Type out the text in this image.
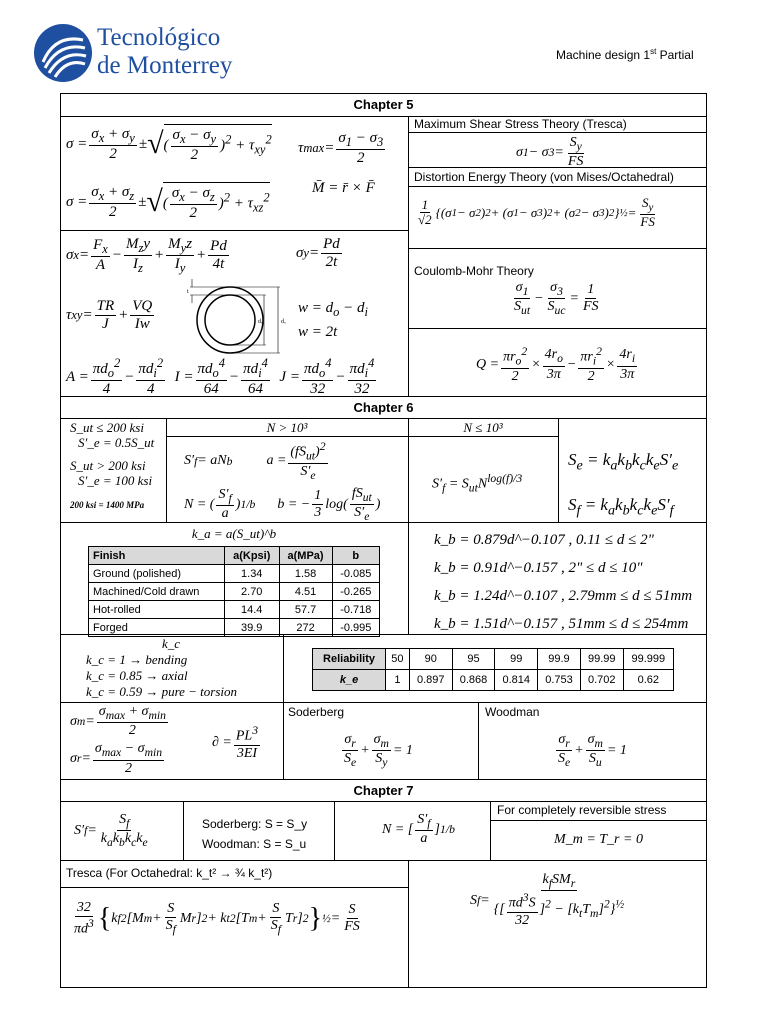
Tecnológico
de Monterrey	Machine design 1st Partial
Chapter 5
$\sigma = \frac{\sigma_x + \sigma_y}{2}$ ± √ ( $\frac{\sigma_x - \sigma_y}{2} )^2 + \tau_{xy}^2$
τ $\max = \frac{\sigma_1 - \sigma_3}{2}$
M̄ = r̄ × F̄
$\sigma = \frac{\sigma_x + \sigma_z}{2}$ ± √ ( $\frac{\sigma_x - \sigma_z}{2} )^2 + \tau_{xz}^2$
σ $x = \frac{F_x}{A} - \frac{M_zy}{I_z} + \frac{M_yz}{I_y} + \frac{Pd}{4t}$	σ $y = \frac{Pd}{2t}$
τ xy = $\frac{TR}{J} + \frac{VQ}{Iw}$
t
dᵢ	dₒ
$w = d_o - d_i$
w = 2t
$A = \frac{\pi d_o^2}{4} - \frac{\pi d_i^2}{4}$ $I = \frac{\pi d_o^4}{64} - \frac{\pi d_i^4}{64}$ $J = \frac{\pi d_o^4}{32} - \frac{\pi d_i^4}{32}$
Maximum Shear Stress Theory (Tresca)
σ 1 − σ $3 = \frac{S_y}{FS}$
Distortion Energy Theory (von Mises/Octahedral)
$\frac{1}{√2} \{(\sigma$ 1 − σ 2 ) 2 + (σ 1 − σ 3 ) 2 + (σ 2 − σ 3 ) 2 } ½ = $\frac{S_y}{FS}$
Coulomb-Mohr Theory
$\frac{\sigma_1}{S_{ut}} - \frac{\sigma_3}{S_{uc}} = \frac{1}{FS}$
$Q = \frac{\pi r_o^2}{2} \times \frac{4r_o}{3\pi} - \frac{\pi r_i^2}{2} \times \frac{4r_i}{3\pi}$
Chapter 6
S_ut ≤ 200 ksi
S′_e = 0.5S_ut
S_ut > 200 ksi
S′_e = 100 ksi
200 ksi = 1400 MPa
N > 10³	N ≤ 10³
S′ f = aN b $a = \frac{(fS_{ut})^2}{S'_e}$
N = ( $\frac{S'_f}{a}$ ) 1/b b = − $\frac{1}{3} \log( \frac{fS_{ut}}{S'_e}$ )
$S'_f = S_{ut}N^{log(f)/3}$
$S_e = k_ak_bk_ck_eS'_e$
$S_f = k_ak_bk_ck_eS'_f$
k_a = a(S_ut)^b
Finish	a(Kpsi)	a(MPa)	b
Ground (polished)	1.34	1.58	-0.085
Machined/Cold drawn	2.70	4.51	-0.265
Hot-rolled	14.4	57.7	-0.718
Forged	39.9	272	-0.995
k_b = 0.879d^−0.107 , 0.11 ≤ d ≤ 2"
k_b = 0.91d^−0.157 , 2" ≤ d ≤ 10"
k_b = 1.24d^−0.107 , 2.79mm ≤ d ≤ 51mm
k_b = 1.51d^−0.157 , 51mm ≤ d ≤ 254mm
k_c
k_c = 1 → bending
k_c = 0.85 → axial
k_c = 0.59 → pure − torsion
Reliability	50	90	95	99	99.9	99.99	99.999
k_e	1	0.897	0.868	0.814	0.753	0.702	0.62
σ $m = \frac{\sigma_{max} + \sigma_{min}}{2}$
σ $r = \frac{\sigma_{max} - \sigma_{min}}{2}$	∂ = $\frac{PL^3}{3EI}$
Soderberg
$\frac{\sigma_r}{S_e} + \frac{\sigma_m}{S_y} = 1$
Woodman
$\frac{\sigma_r}{S_e} + \frac{\sigma_m}{S_u} = 1$
Chapter 7
S′ $f = \frac{S_f}{k_ak_bk_ck_e}$	Soderberg: S = S_y
Woodman: S = S_u
N = [ $\frac{S'_f}{a}$ ] 1/b
For completely reversible stress
M_m = T_r = 0
Tresca (For Octahedral: k_t² → ¾ k_t²)
$\frac{32}{\pi d^3}$ { k f 2 [M $m + \frac{S}{S_f}$ M r ] 2 + k t 2 [T $m + \frac{S}{S_f}$ T r ] 2 } ½ = $\frac{S}{FS}$
S $f = \frac{k_fSM_r}{\{[ \frac{\pi d^3S}{32} ]^2 - [k_tT_m]^2\}^{\frac{1}{2}}}$
